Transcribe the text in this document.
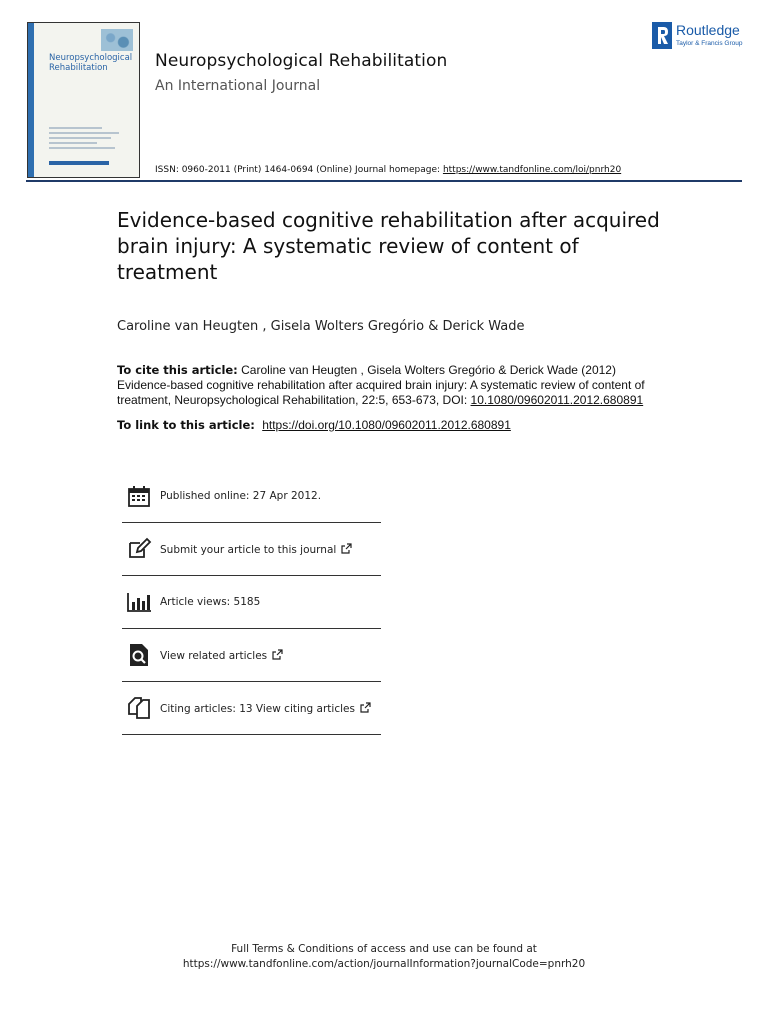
Neuropsychological Rehabilitation	Neuropsychological Rehabilitation
An International Journal
ISSN: 0960-2011 (Print) 1464-0694 (Online) Journal homepage: https://www.tandfonline.com/loi/pnrh20
Routledge
Taylor & Francis Group
Evidence-based cognitive rehabilitation after acquired brain injury: A systematic review of content of treatment
Caroline van Heugten , Gisela Wolters Gregório & Derick Wade
To cite this article: Caroline van Heugten , Gisela Wolters Gregório & Derick Wade (2012) Evidence-based cognitive rehabilitation after acquired brain injury: A systematic review of content of treatment, Neuropsychological Rehabilitation, 22:5, 653-673, DOI: 10.1080/09602011.2012.680891
To link to this article: https://doi.org/10.1080/09602011.2012.680891
Published online: 27 Apr 2012.
Submit your article to this journal
Article views: 5185
View related articles
Citing articles: 13 View citing articles
Full Terms & Conditions of access and use can be found at
https://www.tandfonline.com/action/journalInformation?journalCode=pnrh20
